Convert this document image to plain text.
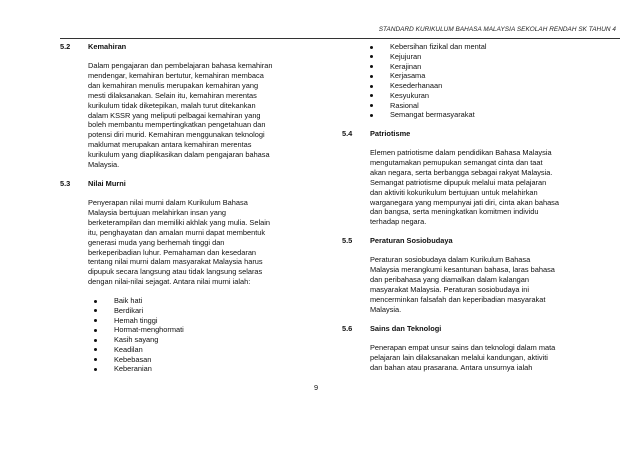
STANDARD KURIKULUM BAHASA MALAYSIA SEKOLAH RENDAH SK TAHUN 4
5.2	Kemahiran

Dalam pengajaran dan pembelajaran bahasa kemahiran

mendengar, kemahiran bertutur, kemahiran membaca

dan kemahiran menulis merupakan kemahiran yang

mesti dilaksanakan. Selain itu, kemahiran merentas

kurikulum tidak diketepikan, malah turut ditekankan

dalam KSSR yang meliputi pelbagai kemahiran yang

boleh membantu mempertingkatkan pengetahuan dan

potensi diri murid. Kemahiran menggunakan teknologi

maklumat merupakan antara kemahiran merentas

kurikulum yang diaplikasikan dalam pengajaran bahasa

Malaysia.

5.3	Nilai Murni

Penyerapan nilai murni dalam Kurikulum Bahasa

Malaysia bertujuan melahirkan insan yang

berketerampilan dan memiliki akhlak yang mulia. Selain

itu, penghayatan dan amalan murni dapat membentuk

generasi muda yang berhemah tinggi dan

berkeperibadian luhur. Pemahaman dan kesedaran

tentang nilai murni dalam masyarakat Malaysia harus

dipupuk secara langsung atau tidak langsung selaras

dengan nilai-nilai sejagat. Antara nilai murni ialah:

Baik hati
Berdikari
Hemah tinggi
Hormat-menghormati
Kasih sayang
Keadilan
Kebebasan
Keberanian
Kebersihan fizikal dan mental
Kejujuran
Kerajinan
Kerjasama
Kesederhanaan
Kesyukuran
Rasional
Semangat bermasyarakat
5.4	Patriotisme

Elemen patriotisme dalam pendidikan Bahasa Malaysia

mengutamakan pemupukan semangat cinta dan taat

akan negara, serta berbangga sebagai rakyat Malaysia.

Semangat patriotisme dipupuk melalui mata pelajaran

dan aktiviti kokurikulum bertujuan untuk melahirkan

warganegara yang mempunyai jati diri, cinta akan bahasa

dan bangsa, serta meningkatkan komitmen individu

terhadap negara.

5.5	Peraturan Sosiobudaya

Peraturan sosiobudaya dalam Kurikulum Bahasa

Malaysia merangkumi kesantunan bahasa, laras bahasa

dan peribahasa yang diamalkan dalam kalangan

masyarakat Malaysia. Peraturan sosiobudaya ini

mencerminkan falsafah dan keperibadian masyarakat

Malaysia.

5.6	Sains dan Teknologi

Penerapan empat unsur sains dan teknologi dalam mata

pelajaran lain dilaksanakan melalui kandungan, aktiviti

dan bahan atau prasarana. Antara unsurnya ialah

9
